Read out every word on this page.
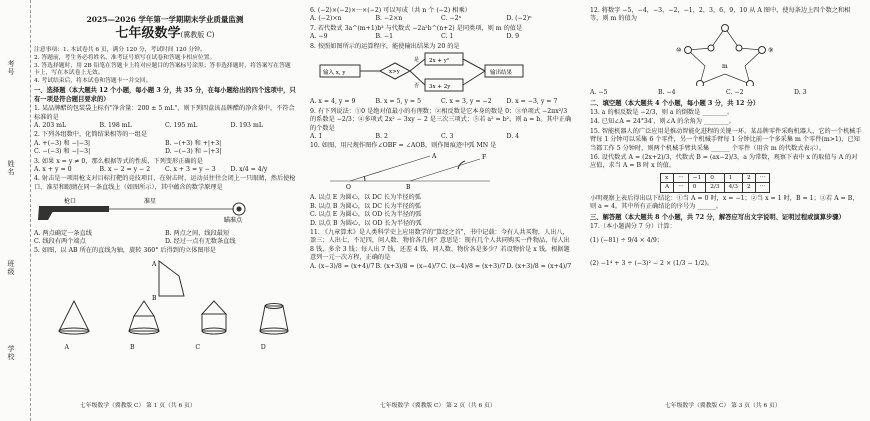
考号
姓名
班级
学校
2025—2026 学年第一学期期末学业质量监测
七年级数学(冀教版 C)

注意事项：1. 本试卷共 6 页，满分 120 分，考试时间 120 分钟。

2. 答题前，考生务必将姓名、准考证号填写在试卷和答题卡相应位置。

3. 答选择题时，用 2B 铅笔在答题卡上将对应题目的答案标号涂黑；答非选择题时，将答案写在答题卡上，写在本试卷上无效。

4. 考试结束后，将本试卷和答题卡一并交回。

一、选择题（本大题共 12 个小题，每小题 3 分，共 35 分，在每小题给出的四个选项中，只有一项是符合题目要求的）
1. 某品牌醋的包装袋上标有"净含量：200 ± 5 mL"，则下列四盒该品牌醋的净含量中，不符合标准的是
A. 203 mL	B. 198 mL	C. 195 mL	D. 193 mL
2. 下列各组数中，化简结果相等的一组是
A. +(−3) 和 −|−3|	B. −(+3) 和 +|+3|
C. −(−3) 和 −|−3|	D. −(−3) 和 −|+3|
3. 如果 x = y ≠ 0，那么根据等式的性质，下列变形正确的是
A. x + y = 0	B. x − 2 = y − 2	C. x + 3 = y − 3	D. x/4 = 4/y
4. 射击是一项用枪支对目标打靶的竞技项目，在射击时，运动员往往会闭上一只眼睛，然后使枪口、准星和眼睛在同一条直线上（如图所示），其中蕴含的数学原理是
枪口	准星
瞄准点
A. 两点确定一条直线	B. 两点之间，线段最短
C. 线段有两个端点	D. 经过一点有无数条直线
5. 如图，以 AB 所在的直线为轴，旋转 360° 后得到的立体图形是
A
B
A	B	C	D
七年级数学（冀教版 C） 第 1 页（共 6 页）
6. (−2)×(−2)×···×(−2) 可以写成（共 n 个 (−2) 相乘）
A. (−2)×n	B. −2×n	C. −2ⁿ	D. (−2)ⁿ
7. 若代数式 3a^(m+1)b³ 与代数式 −2a²b^(n+2) 是同类项，则 m 的值是
A. −9	B. −1	C. 1	D. 9
8. 按照如图所示的运算程序，能使输出结果为 20 的是
输入 x, y	x>y
是
否
2x + y²
3x + 2y
输出结果
A. x = 4, y = 9	B. x = 5, y = 5	C. x = 3, y = −2	D. x = −3, y = 7
9. 有下列说法：①0 是绝对值最小的有理数；②相反数是它本身的数是 0；③单项式 −2πx²/3 的系数是 −2/3；④多项式 2x² − 3xy − 2 是三次三项式；⑤若 a² = b²，则 a = b。其中正确的个数是
A. 1	B. 2	C. 3	D. 4
10. 如图，用尺规作图作∠OBF = ∠AOB，则作图痕迹中弧 MN 是
O	B
A	F
A. 以点 E 为圆心，以 DC 长为半径的弧
B. 以点 B 为圆心，以 DC 长为半径的弧
C. 以点 E 为圆心，以 OD 长为半径的弧
D. 以点 B 为圆心，以 OD 长为半径的弧
11. 《九章算术》是人类科学史上应用数学的"算经之首"，书中记载：今有人共买物，人出八，盈三；人出七，不足四，问人数、物价各几何？意思是：现有几个人共同购买一件物品，每人出 8 钱，多余 3 钱；每人出 7 钱，还差 4 钱，问人数、物价各是多少？若设物价是 x 钱，根据题意列一元一次方程，正确的是
A. (x−3)/8 = (x+4)/7 B. (x+3)/8 = (x−4)/7 C. (x−4)/8 = (x+3)/7 D. (x+3)/8 = (x+4)/7
七年级数学（冀教版 C） 第 2 页（共 6 页）
12. 将数字 −5，−4，−3，−2，−1，2，3，6，9，10 从 A 图中，使每条边上四个数之和相等，则 m 的值为
⑩	⑨
m
A. −5	B. −4	C. −2	D. 3
二、填空题（本大题共 4 个小题，每小题 3 分，共 12 分）
13. a 的相反数是 −2/3，则 a 的倒数是 ________。
14. 已知∠A = 24°34′，则∠A 的余角为 ________。
15. 智能机器人的广泛应用是推动智能化进程的关键一环。某品牌零件采购机器人，它的一个机械手臂每 1 分钟可以采集 6 个零件，另一个机械手臂每 1 分钟比前一个多采集 m 个零件(m>1)，已知当都工作 5 分钟时，则两个机械手臂共采集 ______ 个零件（用含 m 的代数式表示）。
16. 设代数式 A = (2x+2)/3，代数式 B = (ax−2)/3，a 为常数，观察下表中 x 的取值与 A 的对应值，求当 A = B 时 x 的值。
x	···	−1	0	1	2	···
A	···	0	2/3	4/3	2	···
小明观察上表后得出以下结论：①当 A = 0 时，x = −1；②当 x = 1 时，B = 1；③若 A = B，则 a = 4。其中所有正确结论的序号为 ______。
三、解答题（本大题共 8 个小题，共 72 分，解答应写出文字说明、证明过程或演算步骤）
17.（本小题满分 7 分）计算：
(1) (−81) ÷ 9/4 × 4/9；
(2) −1⁴ + 3 ÷ (−3)² − 2 × (1/3 − 1/2)。
七年级数学（冀教版 C） 第 3 页（共 6 页）
